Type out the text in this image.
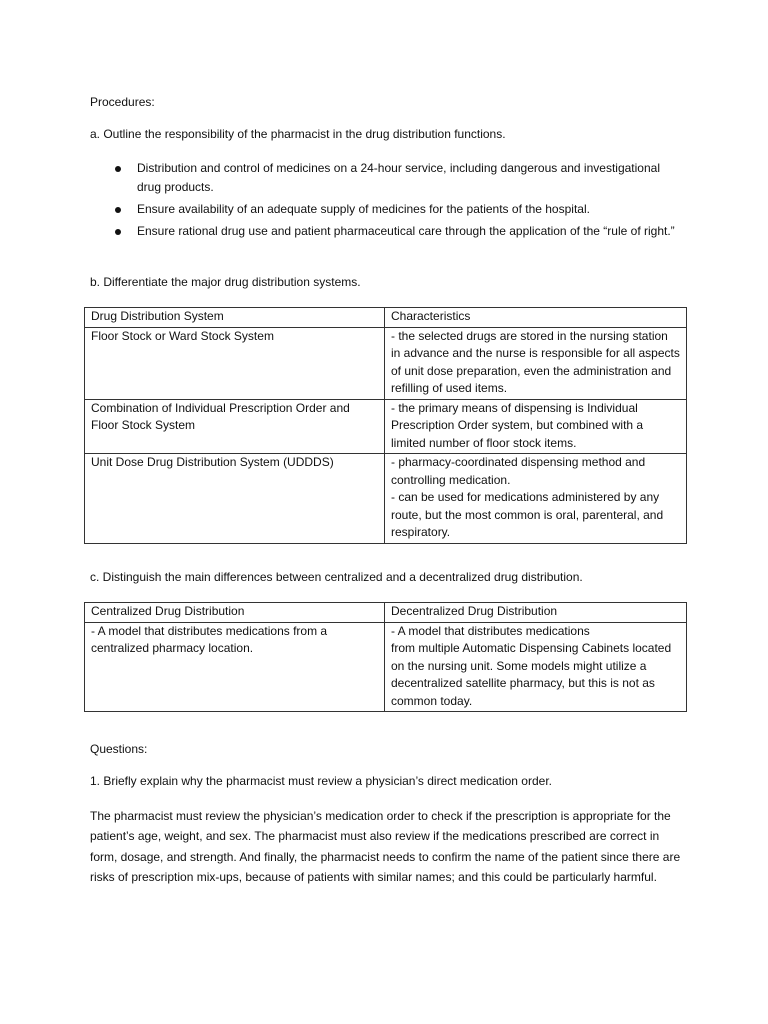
Procedures:

a. Outline the responsibility of the pharmacist in the drug distribution functions.

Distribution and control of medicines on a 24-hour service, including dangerous and investigational drug products.
Ensure availability of an adequate supply of medicines for the patients of the hospital.
Ensure rational drug use and patient pharmaceutical care through the application of the “rule of right.”

b. Differentiate the major drug distribution systems.

Drug Distribution System	Characteristics
Floor Stock or Ward Stock System	- the selected drugs are stored in the nursing station in advance and the nurse is responsible for all aspects of unit dose preparation, even the administration and refilling of used items.

Combination of Individual Prescription Order and Floor Stock System	- the primary means of dispensing is Individual Prescription Order system, but combined with a limited number of floor stock items.

Unit Dose Drug Distribution System (UDDDS)	- pharmacy-coordinated dispensing method and controlling medication.
- can be used for medications administered by any route, but the most common is oral, parenteral, and respiratory.

c. Distinguish the main differences between centralized and a decentralized drug distribution.

Centralized Drug Distribution	Decentralized Drug Distribution
- A model that distributes medications from a centralized pharmacy location.	- A model that distributes medications
from multiple Automatic Dispensing Cabinets located on the nursing unit. Some models might utilize a decentralized satellite pharmacy, but this is not as common today.

Questions:

1. Briefly explain why the pharmacist must review a physician’s direct medication order.

The pharmacist must review the physician’s medication order to check if the prescription is appropriate for the patient’s age, weight, and sex. The pharmacist must also review if the medications prescribed are correct in form, dosage, and strength. And finally, the pharmacist needs to confirm the name of the patient since there are risks of prescription mix-ups, because of patients with similar names; and this could be particularly harmful.
